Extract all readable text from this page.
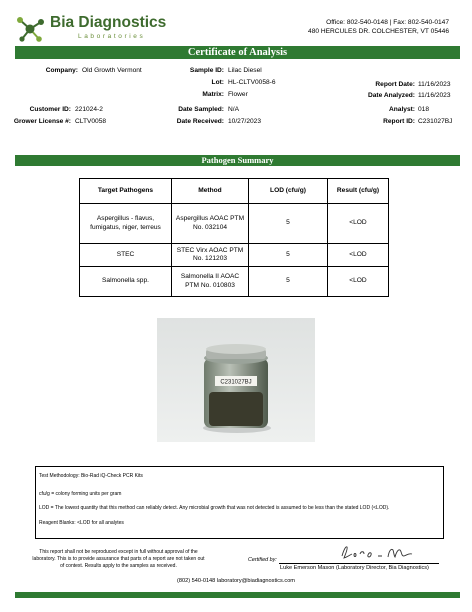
Bia Diagnostics
Laboratories
Office: 802-540-0148 | Fax: 802-540-0147
480 HERCULES DR. COLCHESTER, VT 05446
Certificate of Analysis
Company: Old Growth Vermont
Customer ID: 221024-2
Grower License #: CLTV0058
Sample ID: Lilac Diesel
Lot: HL-CLTV0058-6
Matrix: Flower
Date Sampled: N/A
Date Received: 10/27/2023
Report Date: 11/16/2023
Date Analyzed: 11/16/2023
Analyst: 018
Report ID: C231027BJ
Pathogen Summary
Target Pathogens	Method	LOD (cfu/g)	Result (cfu/g)
Aspergillus - flavus, fumigatus, niger, terreus	Aspergillus AOAC PTM No. 032104	5	<LOD
STEC	STEC Virx AOAC PTM No. 121203	5	<LOD
Salmonella spp.	Salmonella II AOAC PTM No. 010803	5	<LOD
C231027BJ
Test Methodology: Bio-Rad iQ-Check PCR Kits
cfu/g = colony forming units per gram
LOD = The lowest quantity that this method can reliably detect. Any microbial growth that was not detected is assumed to be less than the stated LOD (<LOD).
Reagent Blanks: <LOD for all analytes
This report shall not be reproduced except in full without approval of the laboratory. This is to provide assurance that parts of a report are not taken out of context. Results apply to the samples as received.
Certified by:
Luke Emerson Mason (Laboratory Director, Bia Diagnostics)
(802) 540-0148 laboratory@biadiagnostics.com
